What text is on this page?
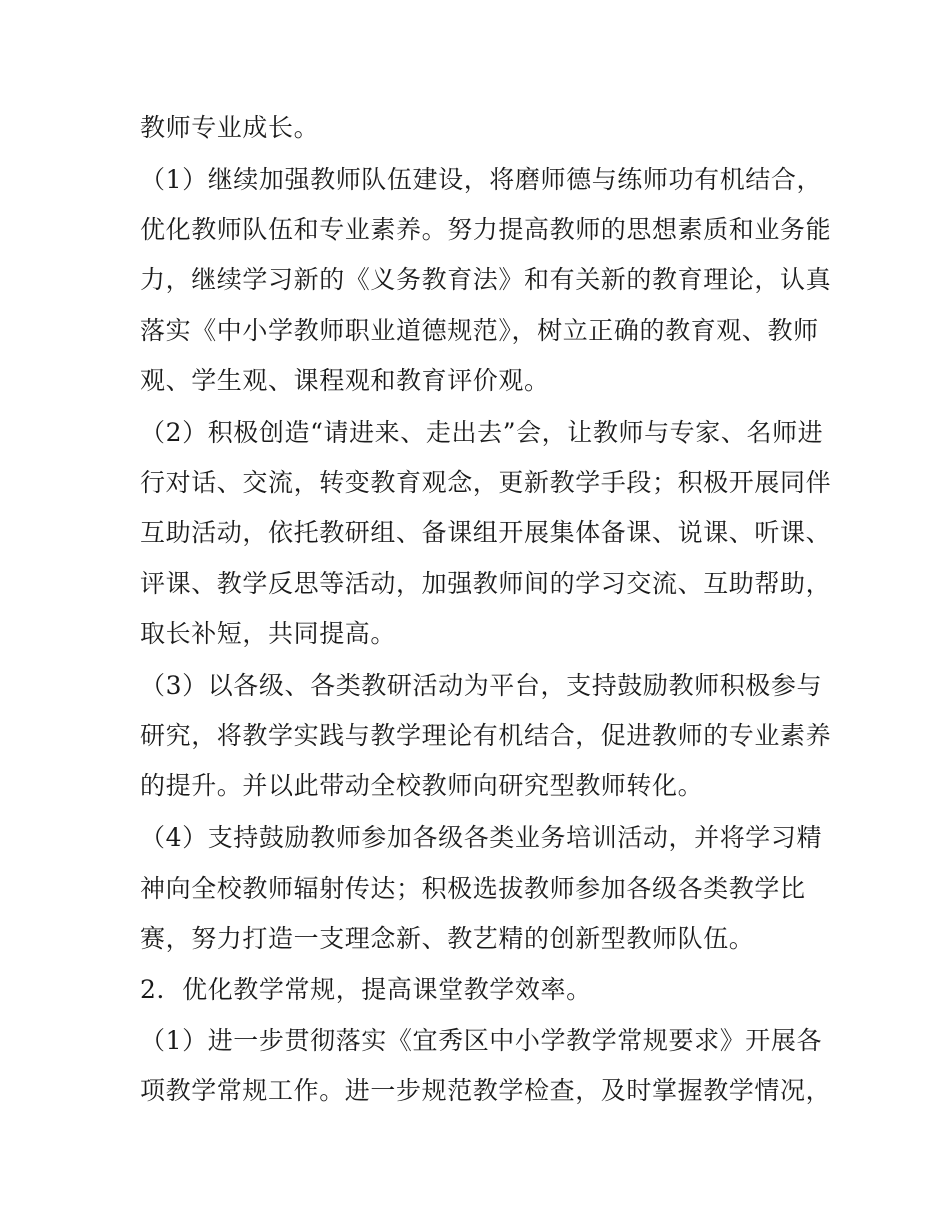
教师专业成长。
（1）继续加强教师队伍建设，将磨师德与练师功有机结合，
优化教师队伍和专业素养。努力提高教师的思想素质和业务能
力，继续学习新的《义务教育法》和有关新的教育理论，认真
落实《中小学教师职业道德规范》，树立正确的教育观、教师
观、学生观、课程观和教育评价观。
（2）积极创造“请进来、走出去”会，让教师与专家、名师进
行对话、交流，转变教育观念，更新教学手段；积极开展同伴
互助活动，依托教研组、备课组开展集体备课、说课、听课、
评课、教学反思等活动，加强教师间的学习交流、互助帮助，
取长补短，共同提高。
（3）以各级、各类教研活动为平台，支持鼓励教师积极参与
研究，将教学实践与教学理论有机结合，促进教师的专业素养
的提升。并以此带动全校教师向研究型教师转化。
（4）支持鼓励教师参加各级各类业务培训活动，并将学习精
神向全校教师辐射传达；积极选拔教师参加各级各类教学比
赛，努力打造一支理念新、教艺精的创新型教师队伍。
2．优化教学常规，提高课堂教学效率。
（1）进一步贯彻落实《宜秀区中小学教学常规要求》开展各
项教学常规工作。进一步规范教学检查，及时掌握教学情况，
